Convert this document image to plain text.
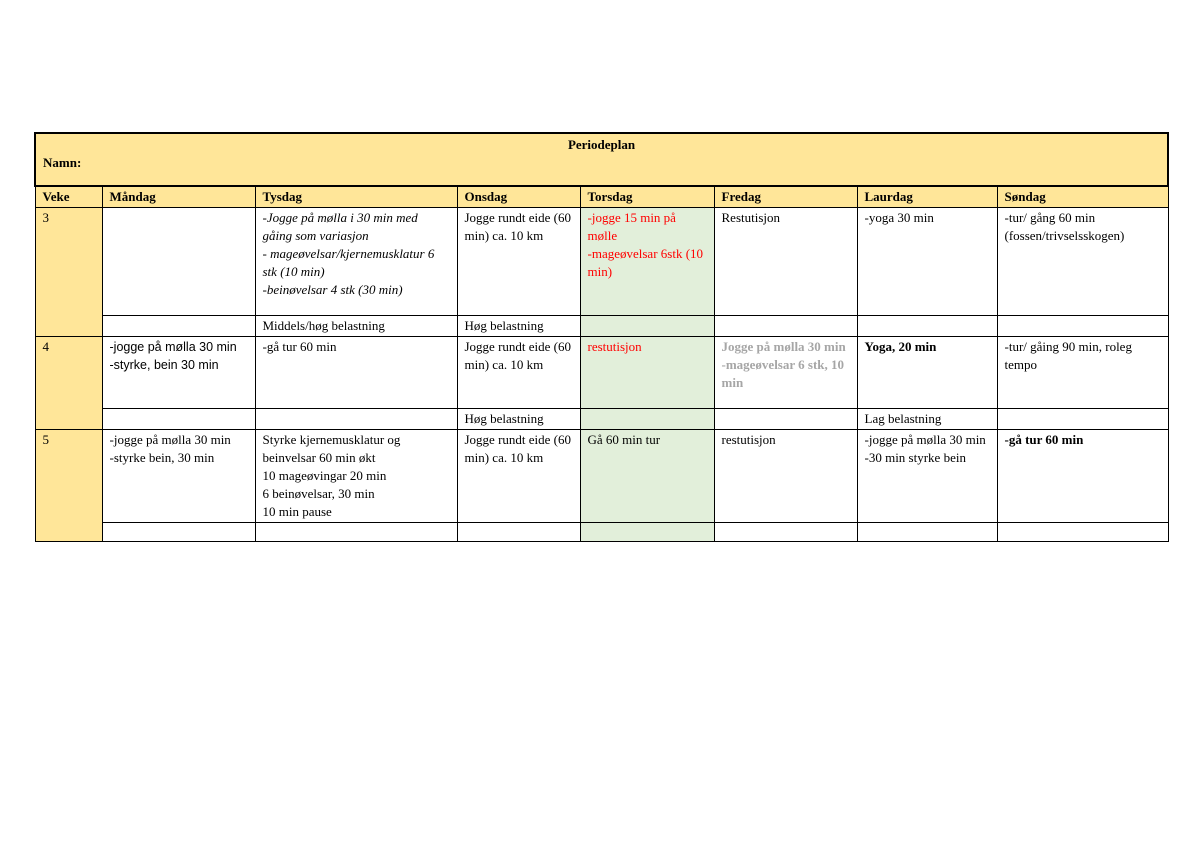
Periodeplan
Namn:							

Veke	Måndag	Tysdag	Onsdag	Torsdag	Fredag	Laurdag	Søndag
3		-Jogge på mølla i 30 min med gåing som variasjon
- mageøvelsar/kjernemusklatur 6 stk (10 min)
-beinøvelsar 4 stk (30 min)	Jogge rundt eide (60 min) ca. 10 km	-jogge 15 min på mølle
-mageøvelsar 6stk (10 min)	Restutisjon	-yoga 30 min	-tur/ gång 60 min (fossen/trivselsskogen)

		Middels/høg belastning	Høg belastning				
4	-jogge på mølla 30 min
-styrke, bein 30 min	-gå tur 60 min	Jogge rundt eide (60 min) ca. 10 km	restutisjon	Jogge på mølla 30 min
-mageøvelsar 6 stk, 10 min	Yoga, 20 min	-tur/ gåing 90 min, roleg tempo

			Høg belastning			Lag belastning	
5	-jogge på mølla 30 min
-styrke bein, 30 min	Styrke kjernemusklatur og beinvelsar 60 min økt
10 mageøvingar 20 min
6 beinøvelsar, 30 min
10 min pause	Jogge rundt eide (60 min) ca. 10 km	Gå 60 min tur	restutisjon	-jogge på mølla 30 min
-30 min styrke bein	-gå tur 60 min
